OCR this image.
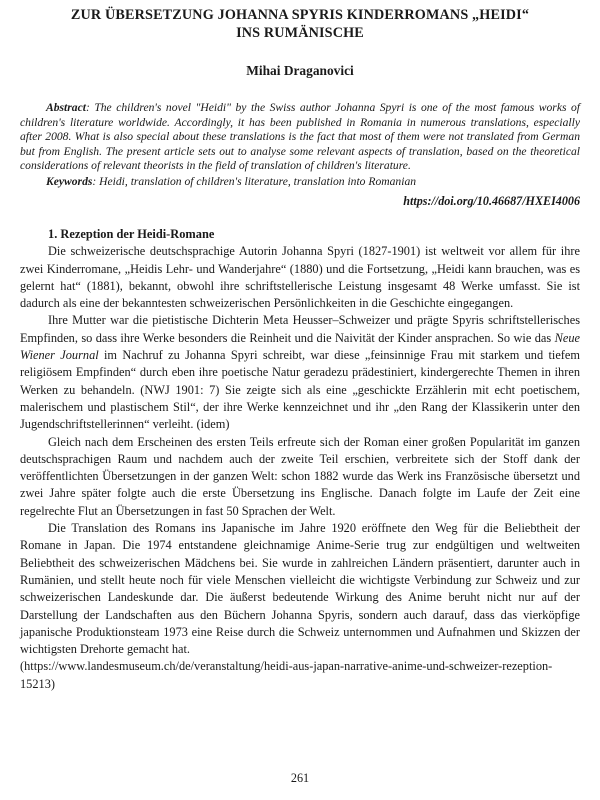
ZUR ÜBERSETZUNG JOHANNA SPYRIS KINDERROMANS „HEIDI“
INS RUMÄNISCHE
Mihai Draganovici

Abstract: The children's novel "Heidi" by the Swiss author Johanna Spyri is one of the most famous works of children's literature worldwide. Accordingly, it has been published in Romania in numerous translations, especially after 2008. What is also special about these translations is the fact that most of them were not translated from German but from English. The present article sets out to analyse some relevant aspects of translation, based on the theoretical considerations of relevant theorists in the field of translation of children's literature.

Keywords: Heidi, translation of children's literature, translation into Romanian

https://doi.org/10.46687/HXEI4006
1. Rezeption der Heidi-Romane

Die schweizerische deutschsprachige Autorin Johanna Spyri (1827-1901) ist weltweit vor allem für ihre zwei Kinderromane, „Heidis Lehr- und Wanderjahre“ (1880) und die Fortsetzung, „Heidi kann brauchen, was es gelernt hat“ (1881), bekannt, obwohl ihre schriftstellerische Leistung insgesamt 48 Werke umfasst. Sie ist dadurch als eine der bekanntesten schweizerischen Persönlichkeiten in die Geschichte eingegangen.

Ihre Mutter war die pietistische Dichterin Meta Heusser–Schweizer und prägte Spyris schriftstellerisches Empfinden, so dass ihre Werke besonders die Reinheit und die Naivität der Kinder ansprachen. So wie das Neue Wiener Journal im Nachruf zu Johanna Spyri schreibt, war diese „feinsinnige Frau mit starkem und tiefem religiösem Empfinden“ durch eben ihre poetische Natur geradezu prädestiniert, kindergerechte Themen in ihren Werken zu behandeln. (NWJ 1901: 7) Sie zeigte sich als eine „geschickte Erzählerin mit echt poetischem, malerischem und plastischem Stil“, der ihre Werke kennzeichnet und ihr „den Rang der Klassikerin unter den Jugendschriftstellerinnen“ verleiht. (idem)

Gleich nach dem Erscheinen des ersten Teils erfreute sich der Roman einer großen Popularität im ganzen deutschsprachigen Raum und nachdem auch der zweite Teil erschien, verbreitete sich der Stoff dank der veröffentlichten Übersetzungen in der ganzen Welt: schon 1882 wurde das Werk ins Französische übersetzt und zwei Jahre später folgte auch die erste Übersetzung ins Englische. Danach folgte im Laufe der Zeit eine regelrechte Flut an Übersetzungen in fast 50 Sprachen der Welt.

Die Translation des Romans ins Japanische im Jahre 1920 eröffnete den Weg für die Beliebtheit der Romane in Japan. Die 1974 entstandene gleichnamige Anime-Serie trug zur endgültigen und weltweiten Beliebtheit des schweizerischen Mädchens bei. Sie wurde in zahlreichen Ländern präsentiert, darunter auch in Rumänien, und stellt heute noch für viele Menschen vielleicht die wichtigste Verbindung zur Schweiz und zur schweizerischen Landeskunde dar. Die äußerst bedeutende Wirkung des Anime beruht nicht nur auf der Darstellung der Landschaften aus den Büchern Johanna Spyris, sondern auch darauf, dass das vierköpfige japanische Produktionsteam 1973 eine Reise durch die Schweiz unternommen und Aufnahmen und Skizzen der wichtigsten Drehorte gemacht hat.

(https://www.landesmuseum.ch/de/veranstaltung/heidi-aus-japan-narrative-anime-und-schweizer-rezeption-15213)

261
